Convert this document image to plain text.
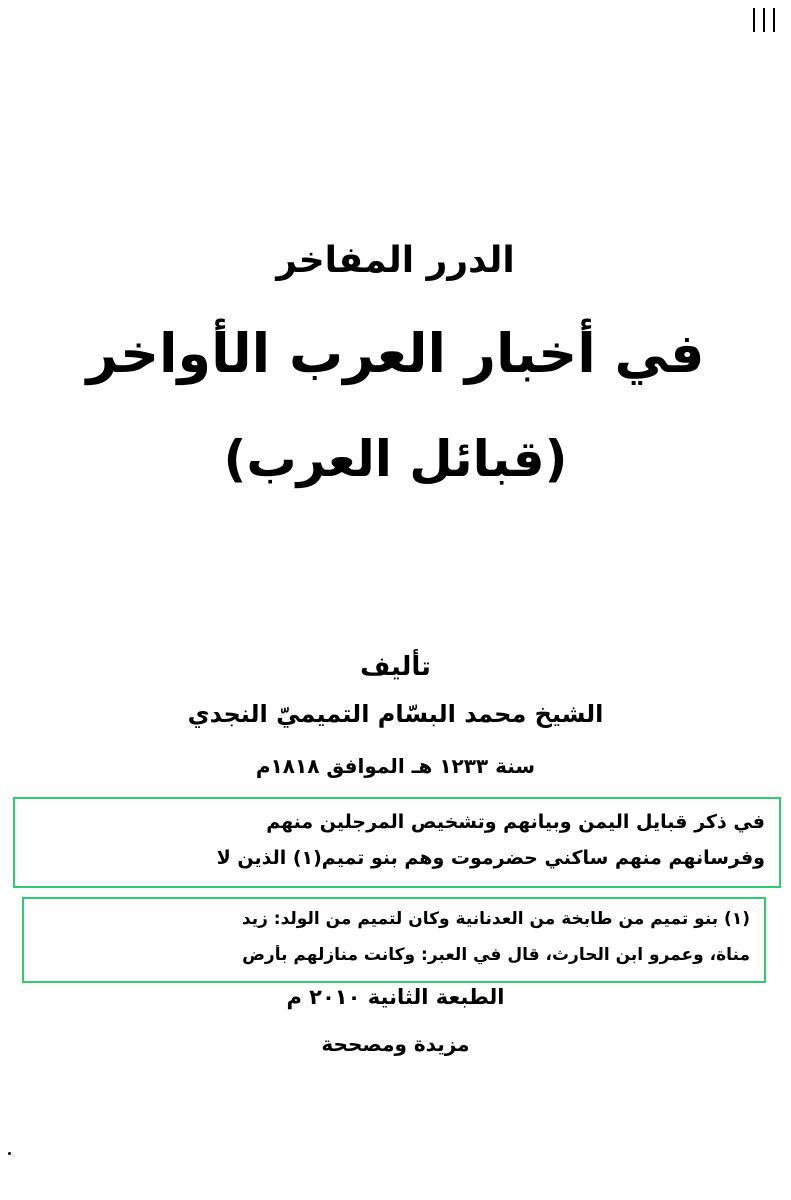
الدرر المفاخر
في أخبار العرب الأواخر
(قبائل العرب)
تأليف
الشيخ محمد البسّام التميميّ النجدي
سنة ١٢٣٣ هـ الموافق ١٨١٨م
في ذكر قبايل اليمن وبيانهم وتشخيص المرجلين منهم
وفرسانهم منهم ساكني حضرموت وهم بنو تميم(١) الذين لا
(١) بنو تميم من طابخة من العدنانية وكان لتميم من الولد: زيد
مناة، وعمرو ابن الحارث، قال في العبر: وكانت منازلهم بأرض
الطبعة الثانية ٢٠١٠ م
مزيدة ومصححة
